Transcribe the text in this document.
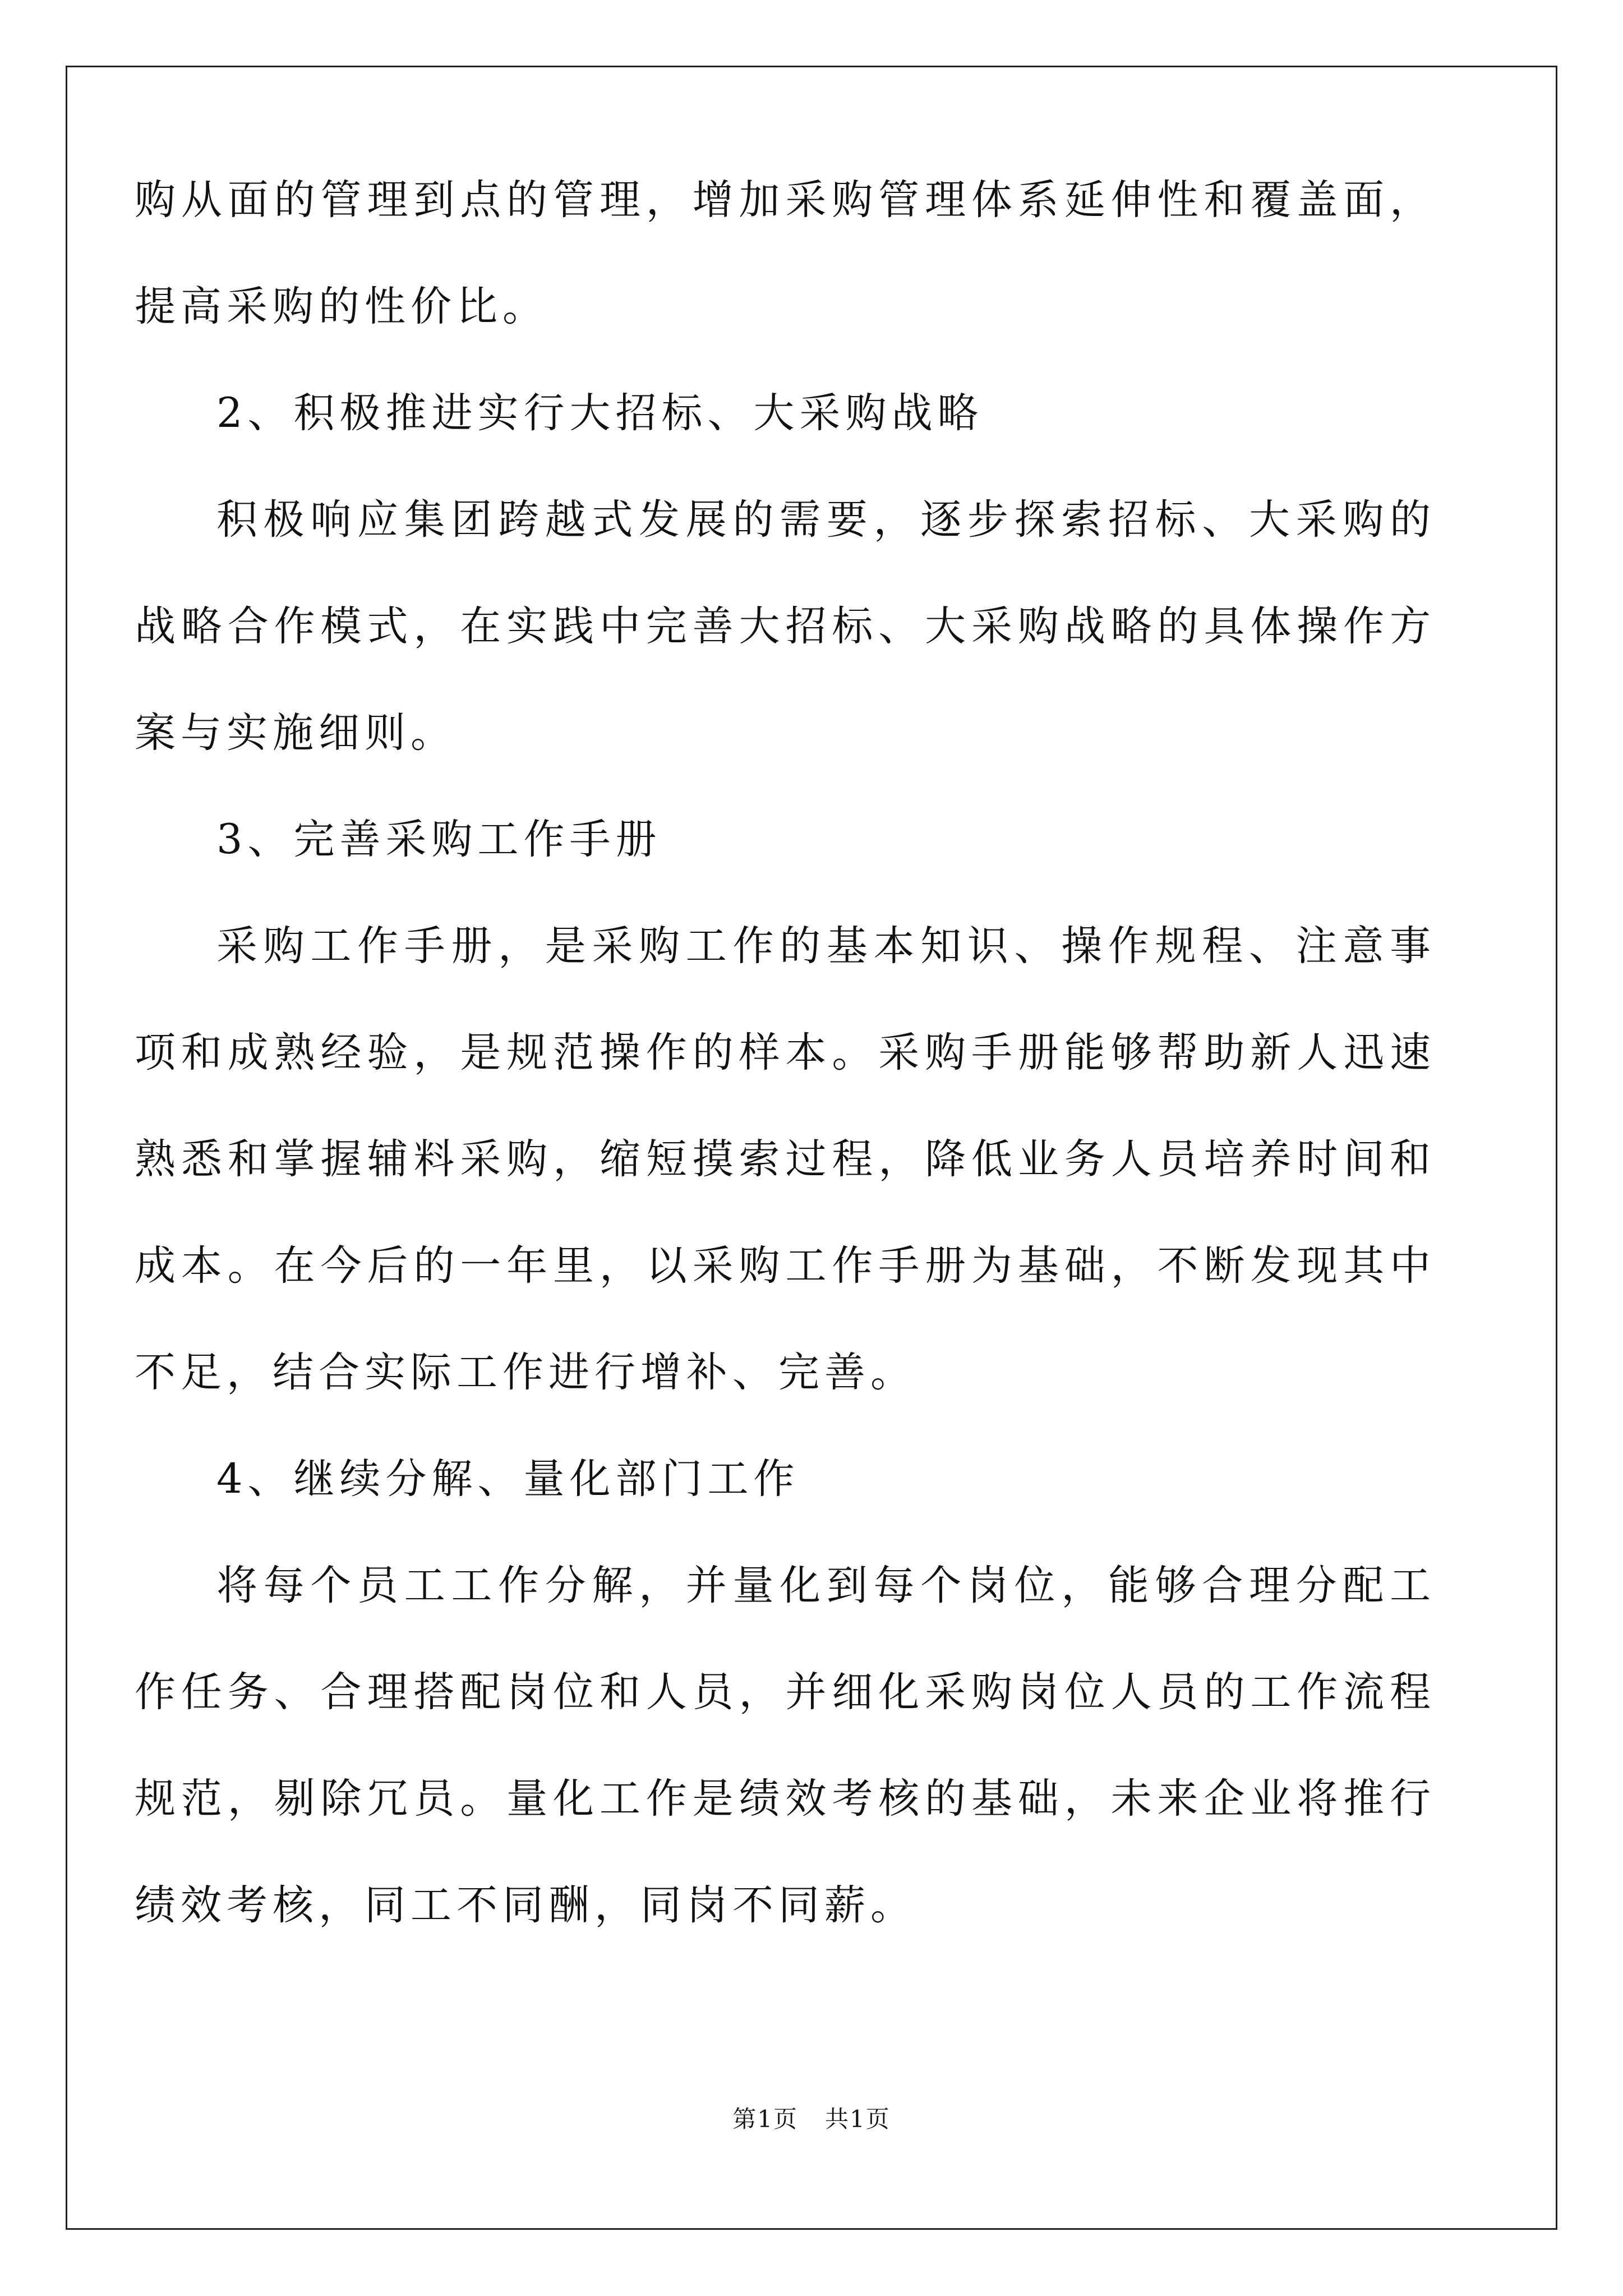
购从面的管理到点的管理，增加采购管理体系延伸性和覆盖面，提高采购的性价比。

2、积极推进实行大招标、大采购战略

积极响应集团跨越式发展的需要，逐步探索招标、大采购的战略合作模式，在实践中完善大招标、大采购战略的具体操作方案与实施细则。

3、完善采购工作手册

采购工作手册，是采购工作的基本知识、操作规程、注意事项和成熟经验，是规范操作的样本。采购手册能够帮助新人迅速熟悉和掌握辅料采购，缩短摸索过程，降低业务人员培养时间和成本。在今后的一年里，以采购工作手册为基础，不断发现其中不足，结合实际工作进行增补、完善。

4、继续分解、量化部门工作

将每个员工工作分解，并量化到每个岗位，能够合理分配工作任务、合理搭配岗位和人员，并细化采购岗位人员的工作流程规范，剔除冗员。量化工作是绩效考核的基础，未来企业将推行绩效考核，同工不同酬，同岗不同薪。

第1页 共1页
